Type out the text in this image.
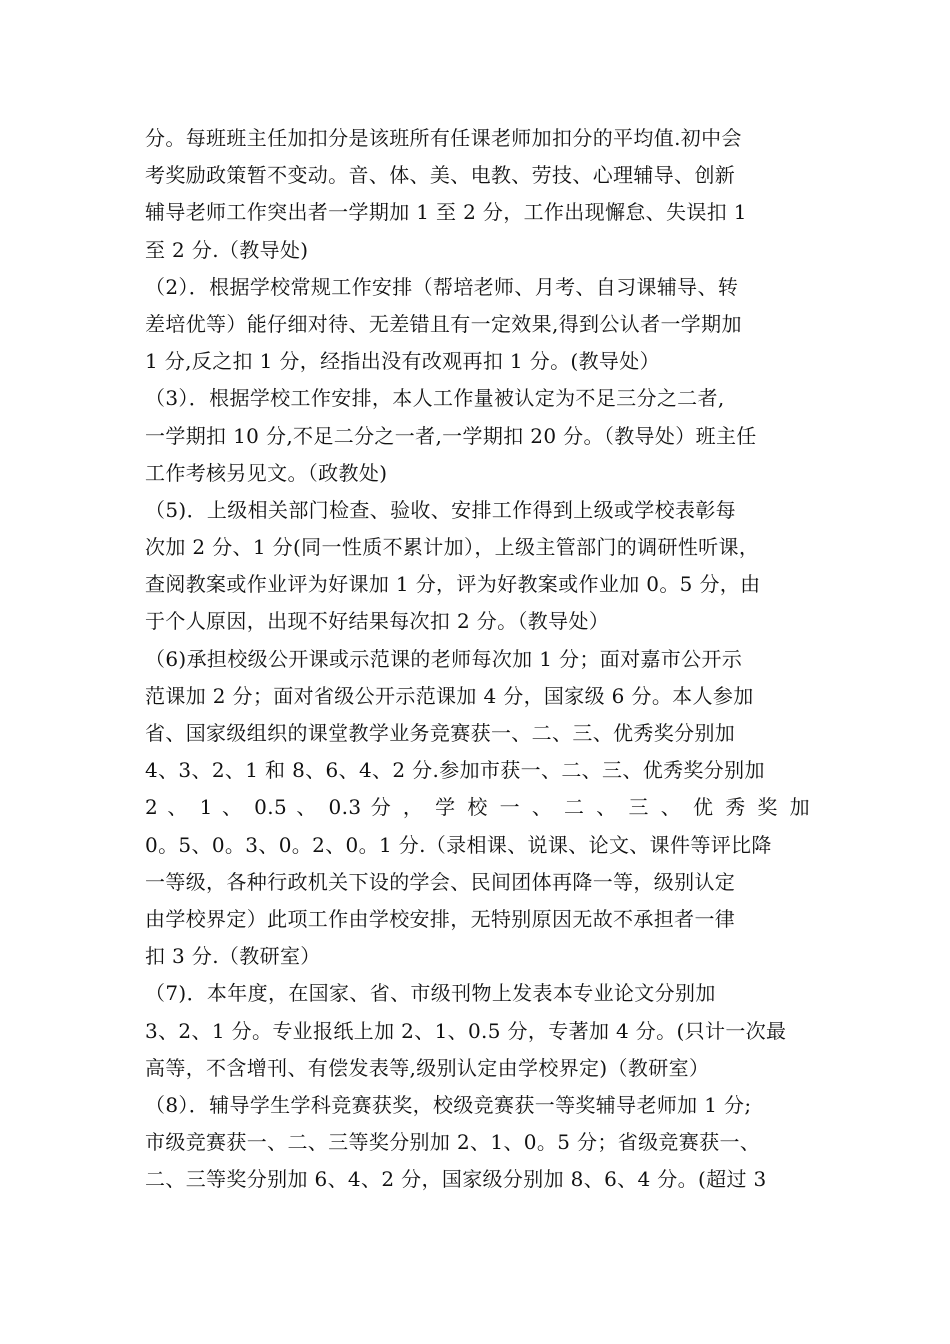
分。每班班主任加扣分是该班所有任课老师加扣分的平均值.初中会
考奖励政策暂不变动。音、体、美、电教、劳技、心理辅导、创新
辅导老师工作突出者一学期加 1 至 2 分，工作出现懈怠、失误扣 1
至 2 分.（教导处)
（2）．根据学校常规工作安排（帮培老师、月考、自习课辅导、转
差培优等）能仔细对待、无差错且有一定效果,得到公认者一学期加
1 分,反之扣 1 分，经指出没有改观再扣 1 分。(教导处）
（3）．根据学校工作安排，本人工作量被认定为不足三分之二者,
一学期扣 10 分,不足二分之一者,一学期扣 20 分。（教导处）班主任
工作考核另见文。（政教处)
（5)．上级相关部门检查、验收、安排工作得到上级或学校表彰每
次加 2 分、1 分(同一性质不累计加），上级主管部门的调研性听课，
查阅教案或作业评为好课加 1 分，评为好教案或作业加 0。5 分，由
于个人原因，出现不好结果每次扣 2 分。（教导处）
（6)承担校级公开课或示范课的老师每次加 1 分；面对嘉市公开示
范课加 2 分；面对省级公开示范课加 4 分，国家级 6 分。本人参加
省、国家级组织的课堂教学业务竞赛获一、二、三、优秀奖分别加
4、3、2、1 和 8、6、4、2 分.参加市获一、二、三、优秀奖分别加
2 、 1 、 0.5 、 0.3 分 ， 学 校 一 、 二 、 三 、 优 秀 奖 加
0。5、0。3、0。2、0。1 分.（录相课、说课、论文、课件等评比降
一等级，各种行政机关下设的学会、民间团体再降一等，级别认定
由学校界定）此项工作由学校安排，无特别原因无故不承担者一律
扣 3 分.（教研室）
（7)．本年度，在国家、省、市级刊物上发表本专业论文分别加
3、2、1 分。专业报纸上加 2、1、0.5 分，专著加 4 分。(只计一次最
高等，不含增刊、有偿发表等,级别认定由学校界定)（教研室）
（8）．辅导学生学科竞赛获奖，校级竞赛获一等奖辅导老师加 1 分;
市级竞赛获一、二、三等奖分别加 2、1、0。5 分；省级竞赛获一、
二、三等奖分别加 6、4、2 分，国家级分别加 8、6、4 分。(超过 3
